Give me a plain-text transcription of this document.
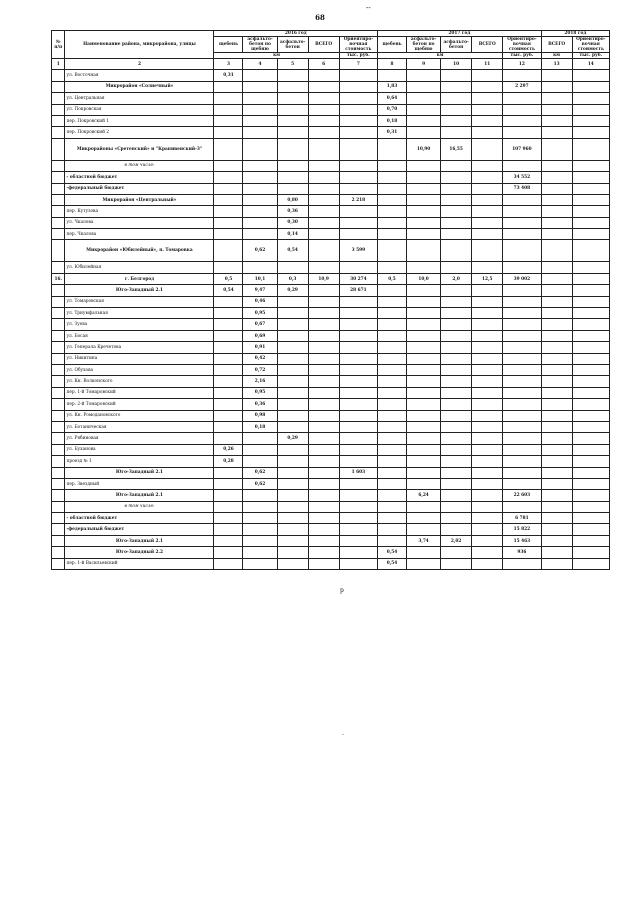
--
68
№ п/п	Наименование района, микрорайона, улицы	2016 год					2017 год					2018 год	
		щебень	асфальто-бетон по щебню	асфальто-бетон	ВСЕГО	Ориентиро-вочная стоимость	щебень	асфальто-бетон по щебню	асфальто-бетон	ВСЕГО	Ориентиро-вочная стоимость	ВСЕГО	Ориентиро-вочная стоимость
		км				тыс. руб.	км				тыс. руб.	км	тыс. руб.
1	2	3	4	5	6	7	8	9	10	11	12	13	14
	ул. Восточная	0,31											
	Микрорайон «Солнечный»						1,83				2 297		
	ул. Центральная						0,64						
	ул. Покровская						0,70						
	пер. Покровский 1						0,18						
	пер. Покровский 2						0,31						
	Микрорайоны «Сретенский» и "Крапивенский-3"							10,90	16,55		107 960		
	в том числе:												
	- областной бюджет										34 552		
	-федеральный бюджет										73 408		
	Микрорайон «Центральный»			0,80		2 218							
	пер. Кутузова			0,36									
	ул. Чкалова			0,30									
	пер. Чкалова			0,14									
	Микрорайон «Юбилейный», п. Томаровка		0,62	0,54		3 599							
	ул. Юбилейная												
16.	г. Белгород	0,5	10,1	0,3	10,9	30 274	0,5	10,0	2,0	12,5	39 002		
	Юго-Западный 2.1	0,54	9,47	0,29		28 671							
	ул. Томаровская		0,46										
	ул. Триумфальная		0,95										
	ул. Зуева		0,67										
	ул. Босая		0,69										
	ул. Генерала Кречетова		0,91										
	ул. Никитина		0,42										
	ул. Обухова		0,72										
	ул. Кн. Волконского		2,16										
	пер. 1-й Томаровский		0,95										
	пер. 2-й Томаровский		0,36										
	ул. Кн. Ромодановского		0,98										
	ул. Ботаническая		0,18										
	ул. Рябиновая			0,29									
	ул. Буханова	0,26											
	проезд № 1	0,28											
	Юго-Западный 2.1		0,62			1 603							
	пер. Звездный		0,62										
	Юго-Западный 2.1							6,24			22 603		
	в том числе:												
	- областной бюджет										6 781		
	-федеральный бюджет										15 822		
	Юго-Западный 2.1							3,74	2,02		15 463		
	Юго-Западный 2.2						0,54				936		
	пер. 1-й Васильевский						0,54						
p
.
